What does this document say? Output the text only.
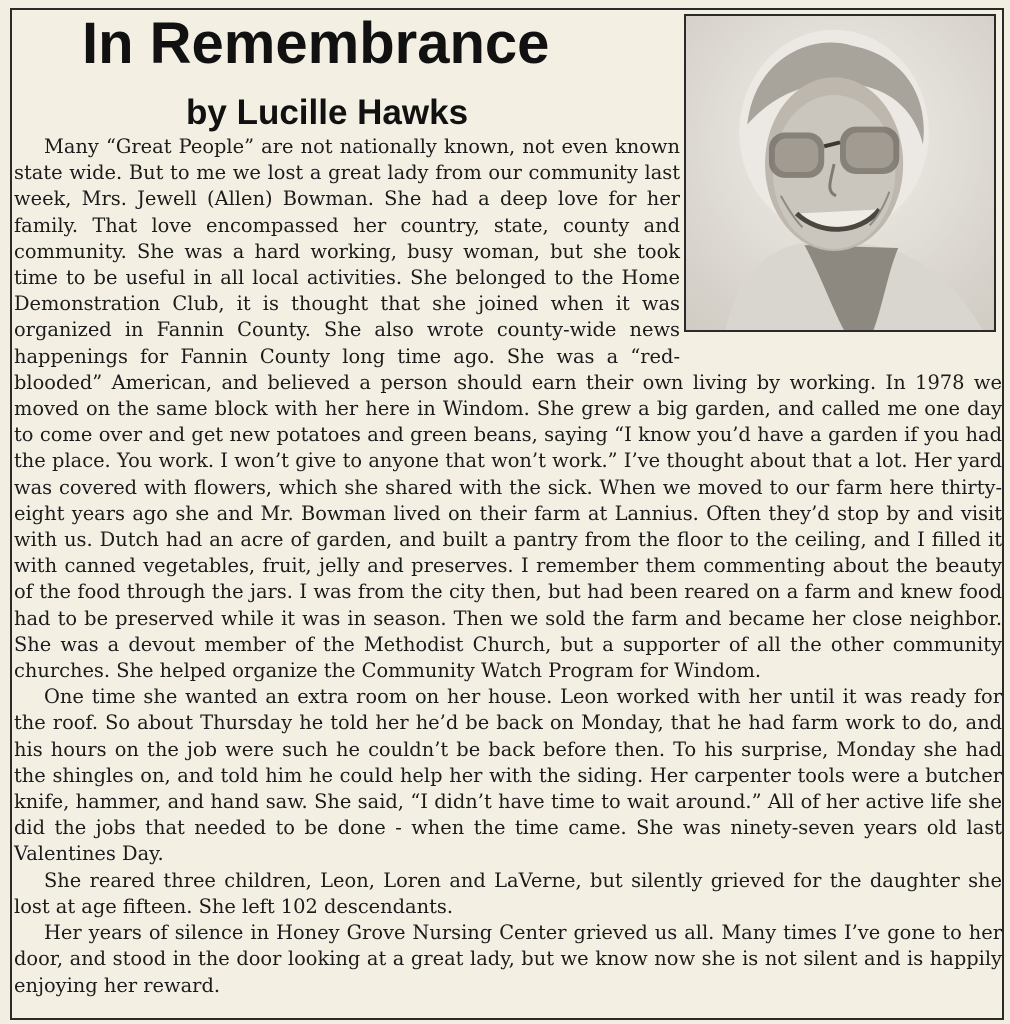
In Remembrance
by Lucille Hawks

Many “Great People” are not nationally known, not even known state wide. But to me we lost a great lady from our community last week, Mrs. Jewell (Allen) Bowman. She had a deep love for her family. That love encompassed her country, state, county and community. She was a hard working, busy woman, but she took time to be useful in all local activities. She belonged to the Home Demonstration Club, it is thought that she joined when it was organized in Fannin County. She also wrote county-wide news happenings for Fannin County long time ago. She was a “red-blooded” American, and believed a person should earn their own living by working. In 1978 we moved on the same block with her here in Windom. She grew a big garden, and called me one day to come over and get new potatoes and green beans, saying “I know you’d have a garden if you had the place. You work. I won’t give to anyone that won’t work.” I’ve thought about that a lot. Her yard was covered with flowers, which she shared with the sick. When we moved to our farm here thirty-eight years ago she and Mr. Bowman lived on their farm at Lannius. Often they’d stop by and visit with us. Dutch had an acre of garden, and built a pantry from the floor to the ceiling, and I filled it with canned vegetables, fruit, jelly and preserves. I remember them commenting about the beauty of the food through the jars. I was from the city then, but had been reared on a farm and knew food had to be preserved while it was in season. Then we sold the farm and became her close neighbor. She was a devout member of the Methodist Church, but a supporter of all the other community churches. She helped organize the Community Watch Program for Windom.

One time she wanted an extra room on her house. Leon worked with her until it was ready for the roof. So about Thursday he told her he’d be back on Monday, that he had farm work to do, and his hours on the job were such he couldn’t be back before then. To his surprise, Monday she had the shingles on, and told him he could help her with the siding. Her carpenter tools were a butcher knife, hammer, and hand saw. She said, “I didn’t have time to wait around.” All of her active life she did the jobs that needed to be done - when the time came. She was ninety-seven years old last Valentines Day.

She reared three children, Leon, Loren and LaVerne, but silently grieved for the daughter she lost at age fifteen. She left 102 descendants.

Her years of silence in Honey Grove Nursing Center grieved us all. Many times I’ve gone to her door, and stood in the door looking at a great lady, but we know now she is not silent and is happily enjoying her reward.
